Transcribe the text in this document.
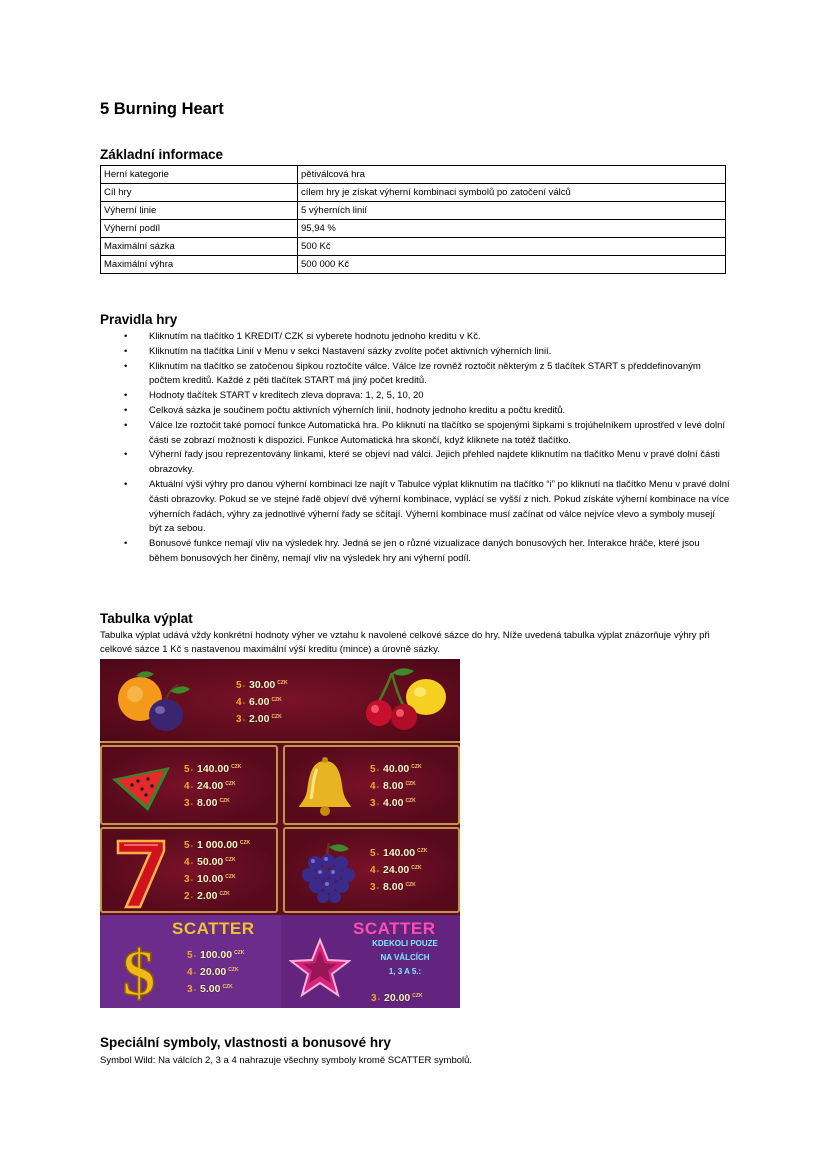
5 Burning Heart
Základní informace
Herní kategorie	pětiválcová hra
Cíl hry	cílem hry je získat výherní kombinaci symbolů po zatočení válců
Výherní linie	5 výherních linií
Výherní podíl	95,94 %
Maximální sázka	500 Kč
Maximální výhra	500 000 Kč
Pravidla hry
• Kliknutím na tlačítko 1 KREDIT/ CZK si vyberete hodnotu jednoho kreditu v Kč.
• Kliknutím na tlačítka Linií v Menu v sekci Nastavení sázky zvolíte počet aktivních výherních linií.
• Kliknutím na tlačítko se zatočenou šipkou roztočíte válce. Válce lze rovněž roztočit některým z 5 tlačítek START s předdefinovaným počtem kreditů. Každé z pěti tlačítek START má jiný počet kreditů.
• Hodnoty tlačítek START v kreditech zleva doprava: 1, 2, 5, 10, 20
• Celková sázka je součinem počtu aktivních výherních linií, hodnoty jednoho kreditu a počtu kreditů.
• Válce lze roztočit také pomocí funkce Automatická hra. Po kliknutí na tlačítko se spojenými šipkami s trojúhelníkem uprostřed v levé dolní části se zobrazí možnosti k dispozici. Funkce Automatická hra skončí, když kliknete na totéž tlačítko.
• Výherní řady jsou reprezentovány linkami, které se objeví nad válci. Jejich přehled najdete kliknutím na tlačítko Menu v pravé dolní části obrazovky.
• Aktuální výši výhry pro danou výherní kombinaci lze najít v Tabulce výplat kliknutím na tlačítko “i” po kliknutí na tlačítko Menu v pravé dolní části obrazovky. Pokud se ve stejné řadě objeví dvě výherní kombinace, vyplácí se vyšší z nich. Pokud získáte výherní kombinace na více výherních řadách, výhry za jednotlivé výherní řady se sčítají. Výherní kombinace musí začínat od válce nejvíce vlevo a symboly musejí být za sebou.
• Bonusové funkce nemají vliv na výsledek hry. Jedná se jen o různé vizualizace daných bonusových her. Interakce hráče, které jsou během bonusových her činěny, nemají vliv na výsledek hry ani výherní podíl.
Tabulka výplat

Tabulka výplat udává vždy konkrétní hodnoty výher ve vztahu k navolené celkové sázce do hry. Níže uvedená tabulka výplat znázorňuje výhry při celkové sázce 1 Kč s nastavenou maximální výší kreditu (mince) a úrovně sázky.

5 - 30.00 CZK
4 - 6.00 CZK
3 - 2.00 CZK
5 - 140.00 CZK
4 - 24.00 CZK
3 - 8.00 CZK
5 - 40.00 CZK
4 - 8.00 CZK
3 - 4.00 CZK
5 - 1 000.00 CZK
4 - 50.00 CZK
3 - 10.00 CZK
2 - 2.00 CZK
5 - 140.00 CZK
4 - 24.00 CZK
3 - 8.00 CZK
SCATTER
$	5 - 100.00 CZK
4 - 20.00 CZK
3 - 5.00 CZK
SCATTER
KDEKOLI POUZE
NA VÁLCÍCH
1, 3 A 5.:
3 - 20.00 CZK
Speciální symboly, vlastnosti a bonusové hry

Symbol Wild: Na válcích 2, 3 a 4 nahrazuje všechny symboly kromě SCATTER symbolů.
